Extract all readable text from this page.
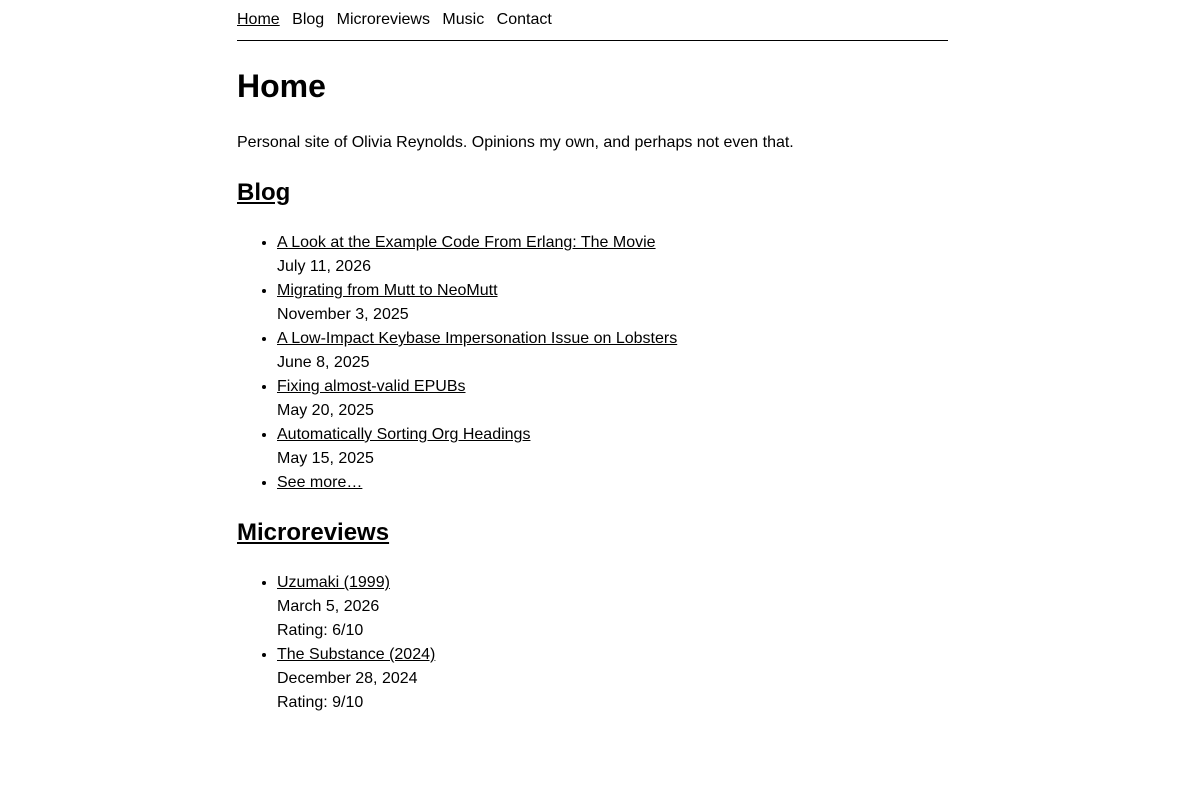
Home Blog Microreviews Music Contact
Home

Personal site of Olivia Reynolds. Opinions my own, and perhaps not even that.

Blog
• A Look at the Example Code From Erlang: The Movie
July 11, 2026
• Migrating from Mutt to NeoMutt
November 3, 2025
• A Low-Impact Keybase Impersonation Issue on Lobsters
June 8, 2025
• Fixing almost-valid EPUBs
May 20, 2025
• Automatically Sorting Org Headings
May 15, 2025
• See more…
Microreviews
• Uzumaki (1999)
March 5, 2026
Rating: 6/10
• The Substance (2024)
December 28, 2024
Rating: 9/10
